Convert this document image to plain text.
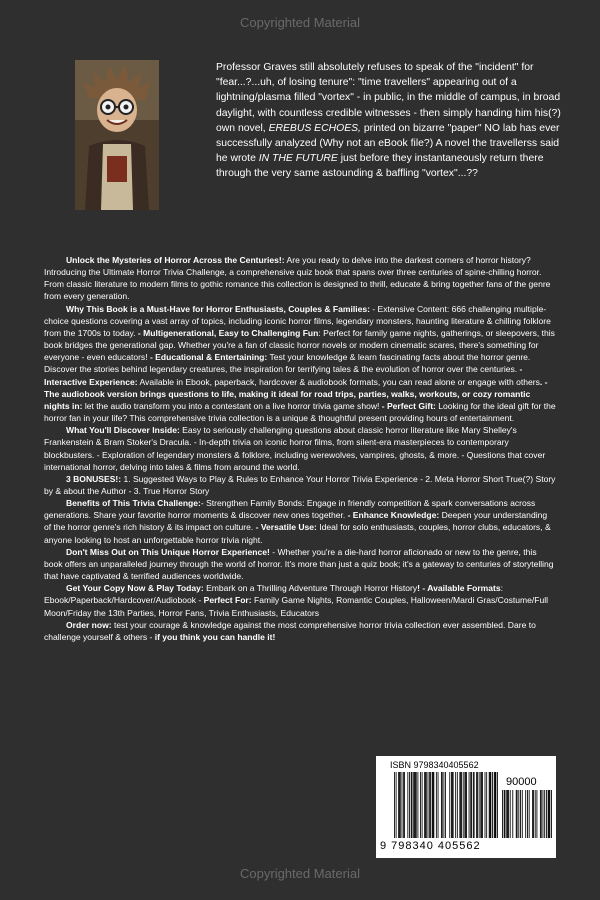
Copyrighted Material
Professor Graves still absolutely refuses to speak of the "incident" for "fear...?...uh, of losing tenure": "time travellers" appearing out of a lightning/plasma filled "vortex" - in public, in the middle of campus, in broad daylight, with countless credible witnesses - then simply handing him his(?) own novel, EREBUS ECHOES, printed on bizarre "paper" NO lab has ever successfully analyzed (Why not an eBook file?) A novel the travellerss said he wrote IN THE FUTURE just before they instantaneously return there through the very same astounding & baffling "vortex"...??

Unlock the Mysteries of Horror Across the Centuries!: Are you ready to delve into the darkest corners of horror history? Introducing the Ultimate Horror Trivia Challenge, a comprehensive quiz book that spans over three centuries of spine-chilling horror. From classic literature to modern films to gothic romance this collection is designed to thrill, educate & bring together fans of the genre from every generation.

Why This Book is a Must-Have for Horror Enthusiasts, Couples & Families: - Extensive Content: 666 challenging multiple-choice questions covering a vast array of topics, including iconic horror films, legendary monsters, haunting literature & chilling folklore from the 1700s to today. - Multigenerational, Easy to Challenging Fun: Perfect for family game nights, gatherings, or sleepovers, this book bridges the generational gap. Whether you're a fan of classic horror novels or modern cinematic scares, there's something for everyone - even educators! - Educational & Entertaining: Test your knowledge & learn fascinating facts about the horror genre. Discover the stories behind legendary creatures, the inspiration for terrifying tales & the evolution of horror over the centuries. - Interactive Experience: Available in Ebook, paperback, hardcover & audiobook formats, you can read alone or engage with others. - The audiobook version brings questions to life, making it ideal for road trips, parties, walks, workouts, or cozy romantic nights in: let the audio transform you into a contestant on a live horror trivia game show! - Perfect Gift: Looking for the ideal gift for the horror fan in your life? This comprehensive trivia collection is a unique & thoughtful present providing hours of entertainment.

What You'll Discover Inside: Easy to seriously challenging questions about classic horror literature like Mary Shelley's Frankenstein & Bram Stoker's Dracula. - In-depth trivia on iconic horror films, from silent-era masterpieces to contemporary blockbusters. - Exploration of legendary monsters & folklore, including werewolves, vampires, ghosts, & more. - Questions that cover international horror, delving into tales & films from around the world.

3 BONUSES!: 1. Suggested Ways to Play & Rules to Enhance Your Horror Trivia Experience - 2. Meta Horror Short True(?) Story by & about the Author - 3. True Horror Story

Benefits of This Trivia Challenge:- Strengthen Family Bonds: Engage in friendly competition & spark conversations across generations. Share your favorite horror moments & discover new ones together. - Enhance Knowledge: Deepen your understanding of the horror genre's rich history & its impact on culture. - Versatile Use: Ideal for solo enthusiasts, couples, horror clubs, educators, & anyone looking to host an unforgettable horror trivia night.

Don't Miss Out on This Unique Horror Experience! - Whether you're a die-hard horror aficionado or new to the genre, this book offers an unparalleled journey through the world of horror. It's more than just a quiz book; it's a gateway to centuries of storytelling that have captivated & terrified audiences worldwide.

Get Your Copy Now & Play Today: Embark on a Thrilling Adventure Through Horror History! - Available Formats: Ebook/Paperback/Hardcover/Audiobook - Perfect For: Family Game Nights, Romantic Couples, Halloween/Mardi Gras/Costume/Full Moon/Friday the 13th Parties, Horror Fans, Trivia Enthusiasts, Educators

Order now: test your courage & knowledge against the most comprehensive horror trivia collection ever assembled. Dare to challenge yourself & others - if you think you can handle it!

ISBN 9798340405562
90000
9 798340 405562
Copyrighted Material
